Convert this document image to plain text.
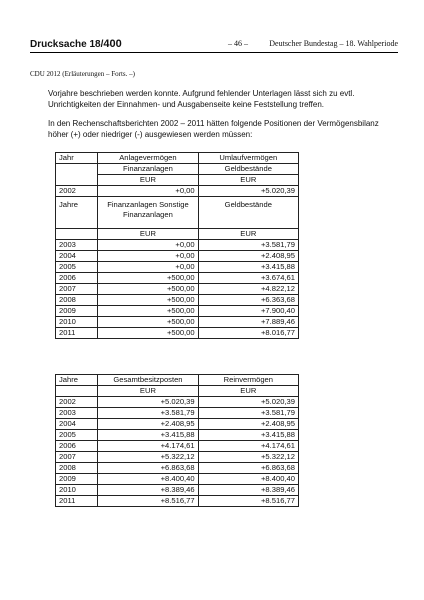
Drucksache 18/400	– 46 –	Deutscher Bundestag – 18. Wahlperiode
CDU 2012 (Erläuterungen – Forts. –)
Vorjahre beschrieben werden konnte. Aufgrund fehlender Unterlagen lässt sich zu evtl. Unrichtigkeiten der Einnahmen- und Ausgabenseite keine Feststellung treffen.
In den Rechenschaftsberichten 2002 – 2011 hätten folgende Positionen der Vermögensbilanz höher (+) oder niedriger (-) ausgewiesen werden müssen:
Jahr	Anlagevermögen	Umlaufvermögen
	Finanzanlagen	Geldbestände
	EUR	EUR
2002	+0,00	+5.020,39
Jahre	Finanzanlagen Sonstige Finanzanlagen	Geldbestände
	EUR	EUR
2003	+0,00	+3.581,79
2004	+0,00	+2.408,95
2005	+0,00	+3.415,88
2006	+500,00	+3.674,61
2007	+500,00	+4.822,12
2008	+500,00	+6.363,68
2009	+500,00	+7.900,40
2010	+500,00	+7.889,46
2011	+500,00	+8.016,77
Jahre	Gesamtbesitzposten	Reinvermögen
	EUR	EUR
2002	+5.020,39	+5.020,39
2003	+3.581,79	+3.581,79
2004	+2.408,95	+2.408,95
2005	+3.415,88	+3.415,88
2006	+4.174,61	+4.174,61
2007	+5.322,12	+5.322,12
2008	+6.863,68	+6.863,68
2009	+8.400,40	+8.400,40
2010	+8.389,46	+8.389,46
2011	+8.516,77	+8.516,77
